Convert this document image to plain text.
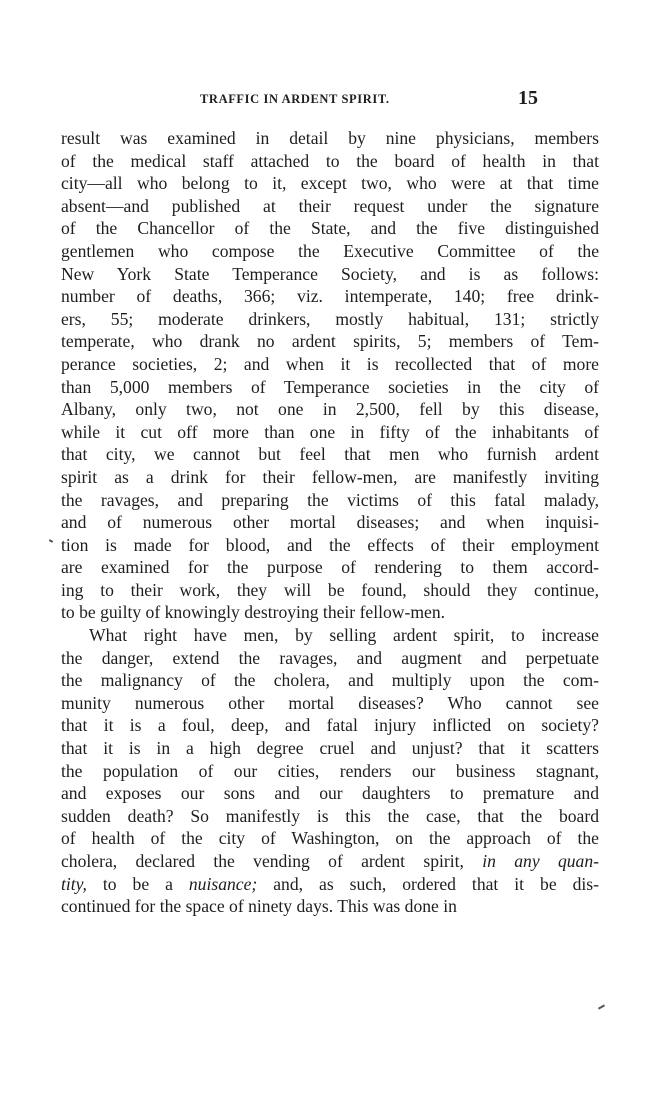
TRAFFIC IN ARDENT SPIRIT.	15
result was examined in detail by nine physicians, members
of the medical staff attached to the board of health in that
city—all who belong to it, except two, who were at that time
absent—and published at their request under the signature
of the Chancellor of the State, and the five distinguished
gentlemen who compose the Executive Committee of the
New York State Temperance Society, and is as follows:
number of deaths, 366; viz. intemperate, 140; free drink-
ers, 55; moderate drinkers, mostly habitual, 131; strictly
temperate, who drank no ardent spirits, 5; members of Tem-
perance societies, 2; and when it is recollected that of more
than 5,000 members of Temperance societies in the city of
Albany, only two, not one in 2,500, fell by this disease,
while it cut off more than one in fifty of the inhabitants of
that city, we cannot but feel that men who furnish ardent
spirit as a drink for their fellow-men, are manifestly inviting
the ravages, and preparing the victims of this fatal malady,
and of numerous other mortal diseases; and when inquisi-
tion is made for blood, and the effects of their employment
are examined for the purpose of rendering to them accord-
ing to their work, they will be found, should they continue,
to be guilty of knowingly destroying their fellow-men.
What right have men, by selling ardent spirit, to increase
the danger, extend the ravages, and augment and perpetuate
the malignancy of the cholera, and multiply upon the com-
munity numerous other mortal diseases? Who cannot see
that it is a foul, deep, and fatal injury inflicted on society?
that it is in a high degree cruel and unjust? that it scatters
the population of our cities, renders our business stagnant,
and exposes our sons and our daughters to premature and
sudden death? So manifestly is this the case, that the board
of health of the city of Washington, on the approach of the
cholera, declared the vending of ardent spirit, in any quan-
tity, to be a nuisance; and, as such, ordered that it be dis-
continued for the space of ninety days. This was done in
